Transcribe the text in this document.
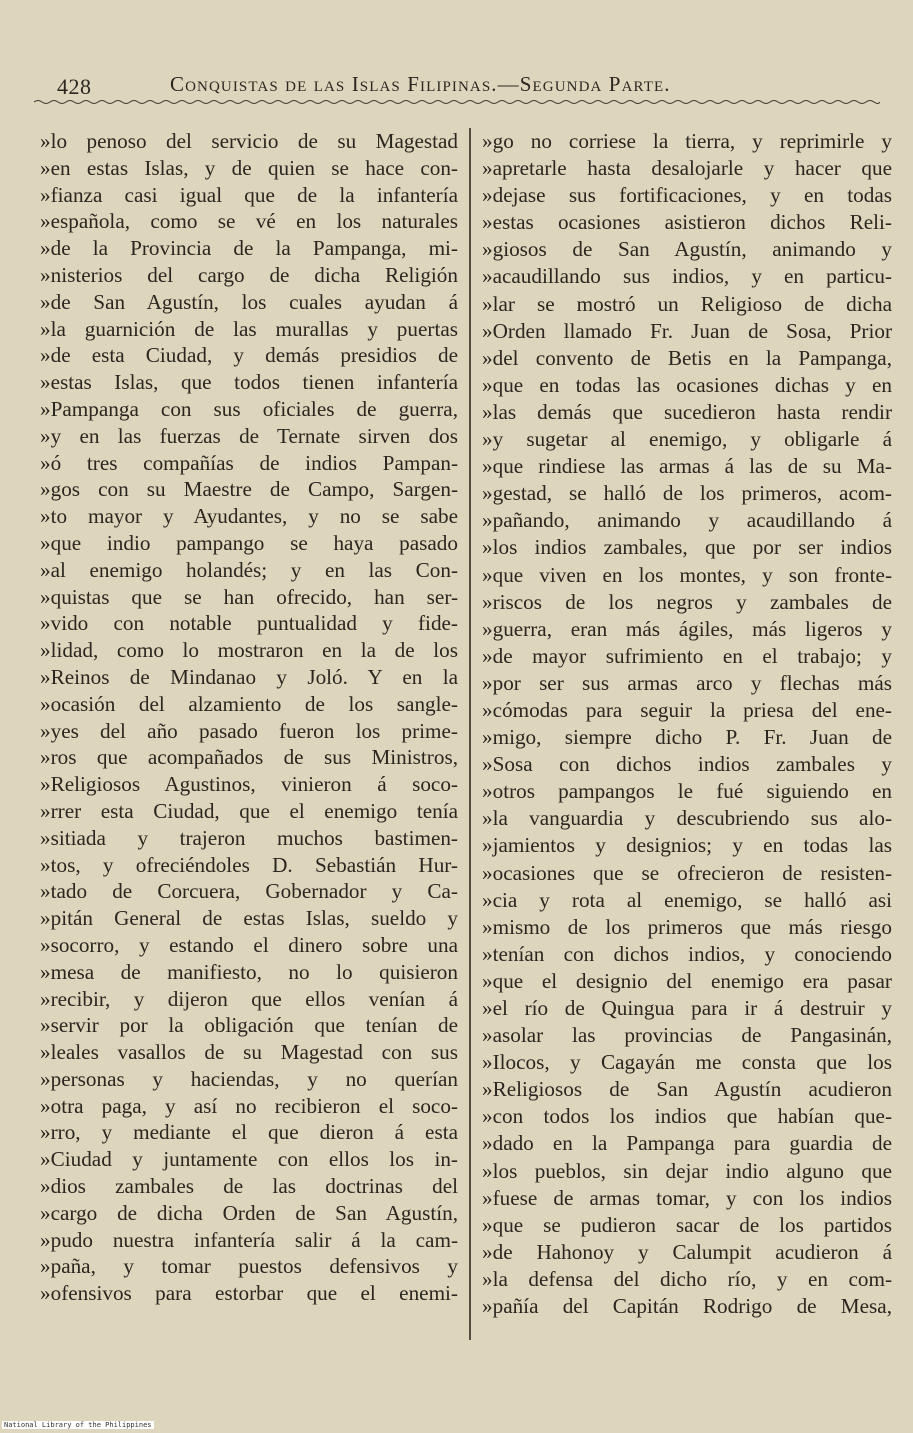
428	Conquistas de las Islas Filipinas.—Segunda Parte.
»lo penoso del servicio de su Magestad
»en estas Islas, y de quien se hace con-
»fianza casi igual que de la infantería
»española, como se vé en los naturales
»de la Provincia de la Pampanga, mi-
»nisterios del cargo de dicha Religión
»de San Agustín, los cuales ayudan á
»la guarnición de las murallas y puertas
»de esta Ciudad, y demás presidios de
»estas Islas, que todos tienen infantería
»Pampanga con sus oficiales de guerra,
»y en las fuerzas de Ternate sirven dos
»ó tres compañías de indios Pampan-
»gos con su Maestre de Campo, Sargen-
»to mayor y Ayudantes, y no se sabe
»que indio pampango se haya pasado
»al enemigo holandés; y en las Con-
»quistas que se han ofrecido, han ser-
»vido con notable puntualidad y fide-
»lidad, como lo mostraron en la de los
»Reinos de Mindanao y Joló. Y en la
»ocasión del alzamiento de los sangle-
»yes del año pasado fueron los prime-
»ros que acompañados de sus Ministros,
»Religiosos Agustinos, vinieron á soco-
»rrer esta Ciudad, que el enemigo tenía
»sitiada y trajeron muchos bastimen-
»tos, y ofreciéndoles D. Sebastián Hur-
»tado de Corcuera, Gobernador y Ca-
»pitán General de estas Islas, sueldo y
»socorro, y estando el dinero sobre una
»mesa de manifiesto, no lo quisieron
»recibir, y dijeron que ellos venían á
»servir por la obligación que tenían de
»leales vasallos de su Magestad con sus
»personas y haciendas, y no querían
»otra paga, y así no recibieron el soco-
»rro, y mediante el que dieron á esta
»Ciudad y juntamente con ellos los in-
»dios zambales de las doctrinas del
»cargo de dicha Orden de San Agustín,
»pudo nuestra infantería salir á la cam-
»paña, y tomar puestos defensivos y
»ofensivos para estorbar que el enemi-
»go no corriese la tierra, y reprimirle y
»apretarle hasta desalojarle y hacer que
»dejase sus fortificaciones, y en todas
»estas ocasiones asistieron dichos Reli-
»giosos de San Agustín, animando y
»acaudillando sus indios, y en particu-
»lar se mostró un Religioso de dicha
»Orden llamado Fr. Juan de Sosa, Prior
»del convento de Betis en la Pampanga,
»que en todas las ocasiones dichas y en
»las demás que sucedieron hasta rendir
»y sugetar al enemigo, y obligarle á
»que rindiese las armas á las de su Ma-
»gestad, se halló de los primeros, acom-
»pañando, animando y acaudillando á
»los indios zambales, que por ser indios
»que viven en los montes, y son fronte-
»riscos de los negros y zambales de
»guerra, eran más ágiles, más ligeros y
»de mayor sufrimiento en el trabajo; y
»por ser sus armas arco y flechas más
»cómodas para seguir la priesa del ene-
»migo, siempre dicho P. Fr. Juan de
»Sosa con dichos indios zambales y
»otros pampangos le fué siguiendo en
»la vanguardia y descubriendo sus alo-
»jamientos y designios; y en todas las
»ocasiones que se ofrecieron de resisten-
»cia y rota al enemigo, se halló asi
»mismo de los primeros que más riesgo
»tenían con dichos indios, y conociendo
»que el designio del enemigo era pasar
»el río de Quingua para ir á destruir y
»asolar las provincias de Pangasinán,
»Ilocos, y Cagayán me consta que los
»Religiosos de San Agustín acudieron
»con todos los indios que habían que-
»dado en la Pampanga para guardia de
»los pueblos, sin dejar indio alguno que
»fuese de armas tomar, y con los indios
»que se pudieron sacar de los partidos
»de Hahonoy y Calumpit acudieron á
»la defensa del dicho río, y en com-
»pañía del Capitán Rodrigo de Mesa,
National Library of the Philippines
